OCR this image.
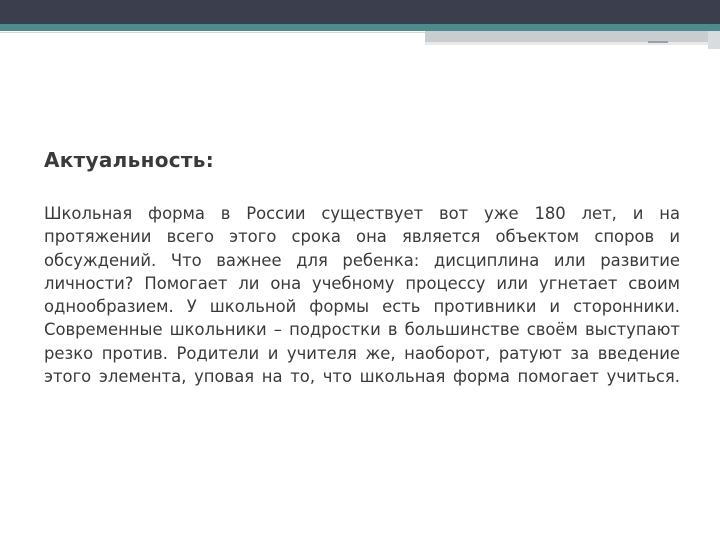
Актуальность:

Школьная форма в России существует вот уже 180 лет, и на протяжении всего этого срока она является объектом споров и обсуждений. Что важнее для ребенка: дисциплина или развитие личности? Помогает ли она учебному процессу или угнетает своим однообразием. У школьной формы есть противники и сторонники. Современные школьники – подростки в большинстве своём выступают резко против. Родители и учителя же, наоборот, ратуют за введение этого элемента, уповая на то, что школьная форма помогает учиться.
